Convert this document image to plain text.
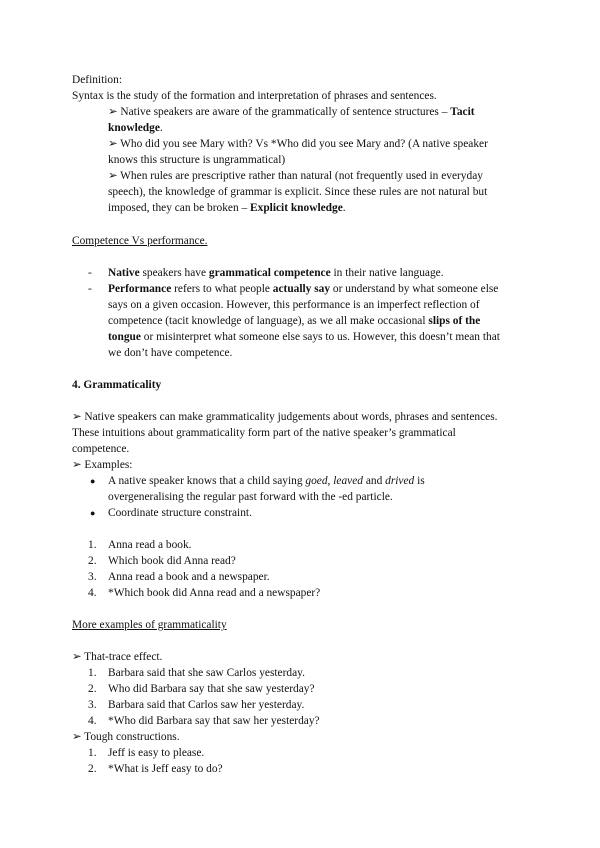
Definition:
Syntax is the study of the formation and interpretation of phrases and sentences.
➢ Native speakers are aware of the grammatically of sentence structures – Tacit
knowledge.
➢ Who did you see Mary with? Vs *Who did you see Mary and? (A native speaker
knows this structure is ungrammatical)
➢ When rules are prescriptive rather than natural (not frequently used in everyday
speech), the knowledge of grammar is explicit. Since these rules are not natural but
imposed, they can be broken – Explicit knowledge.
Competence Vs performance.
- Native speakers have grammatical competence in their native language.
- Performance refers to what people actually say or understand by what someone else
says on a given occasion. However, this performance is an imperfect reflection of
competence (tacit knowledge of language), as we all make occasional slips of the
tongue or misinterpret what someone else says to us. However, this doesn’t mean that
we don’t have competence.
4. Grammaticality
➢ Native speakers can make grammaticality judgements about words, phrases and sentences.
These intuitions about grammaticality form part of the native speaker’s grammatical
competence.
➢ Examples:
● A native speaker knows that a child saying goed, leaved and drived is
overgeneralising the regular past forward with the -ed particle.
● Coordinate structure constraint.
1. Anna read a book.
2. Which book did Anna read?
3. Anna read a book and a newspaper.
4. *Which book did Anna read and a newspaper?
More examples of grammaticality
➢ That-trace effect.
1. Barbara said that she saw Carlos yesterday.
2. Who did Barbara say that she saw yesterday?
3. Barbara said that Carlos saw her yesterday.
4. *Who did Barbara say that saw her yesterday?
➢ Tough constructions.
1. Jeff is easy to please.
2. *What is Jeff easy to do?
